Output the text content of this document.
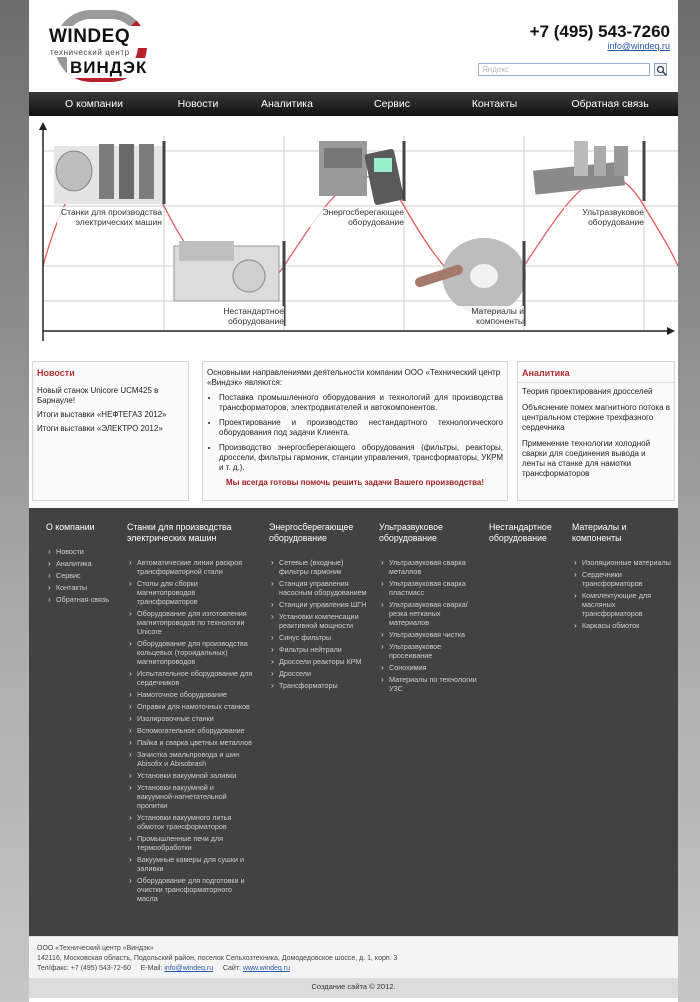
WINDEQ
технический центр
ВИНДЭК
+7 (495) 543-7260
info@windeq.ru
Яндекс
О компании	Новости	Аналитика	Сервис	Контакты	Обратная связь
Станки для производства электрических машин
Энергосберегающее оборудование
Ультразвуковое оборудование
Нестандартное оборудование
Материалы и компоненты
Новости
Новый станок Unicore UCM425 в Барнауле!
Итоги выставки «НЕФТЕГАЗ 2012»
Итоги выставки «ЭЛЕКТРО 2012»
Основными направлениями деятельности компании ООО «Технический центр «Виндэк» являются:
• Поставка промышленного оборудования и технологий для производства трансформаторов, электродвигателей и автокомпонентов.
• Проектирование и производство нестандартного технологического оборудования под задачи Клиента.
• Производство энергосберегающего оборудования (фильтры, реакторы, дроссели, фильтры гармоник, станции управления, трансформаторы, УКРМ и т. д.).
Мы всегда готовы помочь решить задачи Вашего производства!
Аналитика
Теория проектирования дросселей
Объяснение помех магнитного потока в центральном стержне трехфазного сердечника
Применение технологии холодной сварки для соединения вывода и ленты на станке для намотки трансформаторов
О компании
› Новости
› Аналитика
› Сервис
› Контакты
› Обратная связь
Станки для производства электрических машин
› Автоматические линии раскроя трансформаторной стали
› Столы для сборки магнитопроводов трансформаторов
› Оборудование для изготовления магнитопроводов по технологии Unicore
› Оборудование для производства кольцевых (тороидальных) магнитопроводов
› Испытательное оборудование для сердечников
› Намоточное оборудование
› Оправки для намоточных станков
› Изолировочные станки
› Вспомогательное оборудование
› Пайка и сварка цветных металлов
› Зачистка эмальпровода и шин Abisofix и Abisobrash
› Установки вакуумной заливки
› Установки вакуумной и вакуумной-нагнетательной пропитки
› Установки вакуумного литья обмоток трансформаторов
› Промышленные печи для термообработки
› Вакуумные камеры для сушки и заливки
› Оборудование для подготовки и очистки трансформаторного масла
Энергосберегающее оборудование
› Сетевые (входные) фильтры гармоник
› Станция управления насосным оборудованием
› Станции управления ШГН
› Установки компенсации реактивной мощности
› Синус фильтры
› Фильтры нейтрали
› Дроссели реакторы КРМ
› Дроссели
› Трансформаторы
Ультразвуковое оборудование
› Ультразвуковая сварка металлов
› Ультразвуковая сварка пластмасс
› Ультразвуковая сварка/резка нетканых материалов
› Ультразвуковая чистка
› Ультразвуковое просеивание
› Сонохимия
› Материалы по технологии УЗС
Нестандартное оборудование
Материалы и компоненты
› Изоляционные материалы
› Сердечники трансформаторов
› Комплектующие для масляных трансформаторов
› Каркасы обмоток
ООО «Технический центр «Виндэк»
142116, Московская область, Подольский район, поселок Сельхозтехника, Домодедовское шоссе, д. 1, корп. 3
Тел/факс: +7 (495) 543-72-60 E-Mail: info@windeq.ru Сайт: www.windeq.ru
Создание сайта © 2012.
